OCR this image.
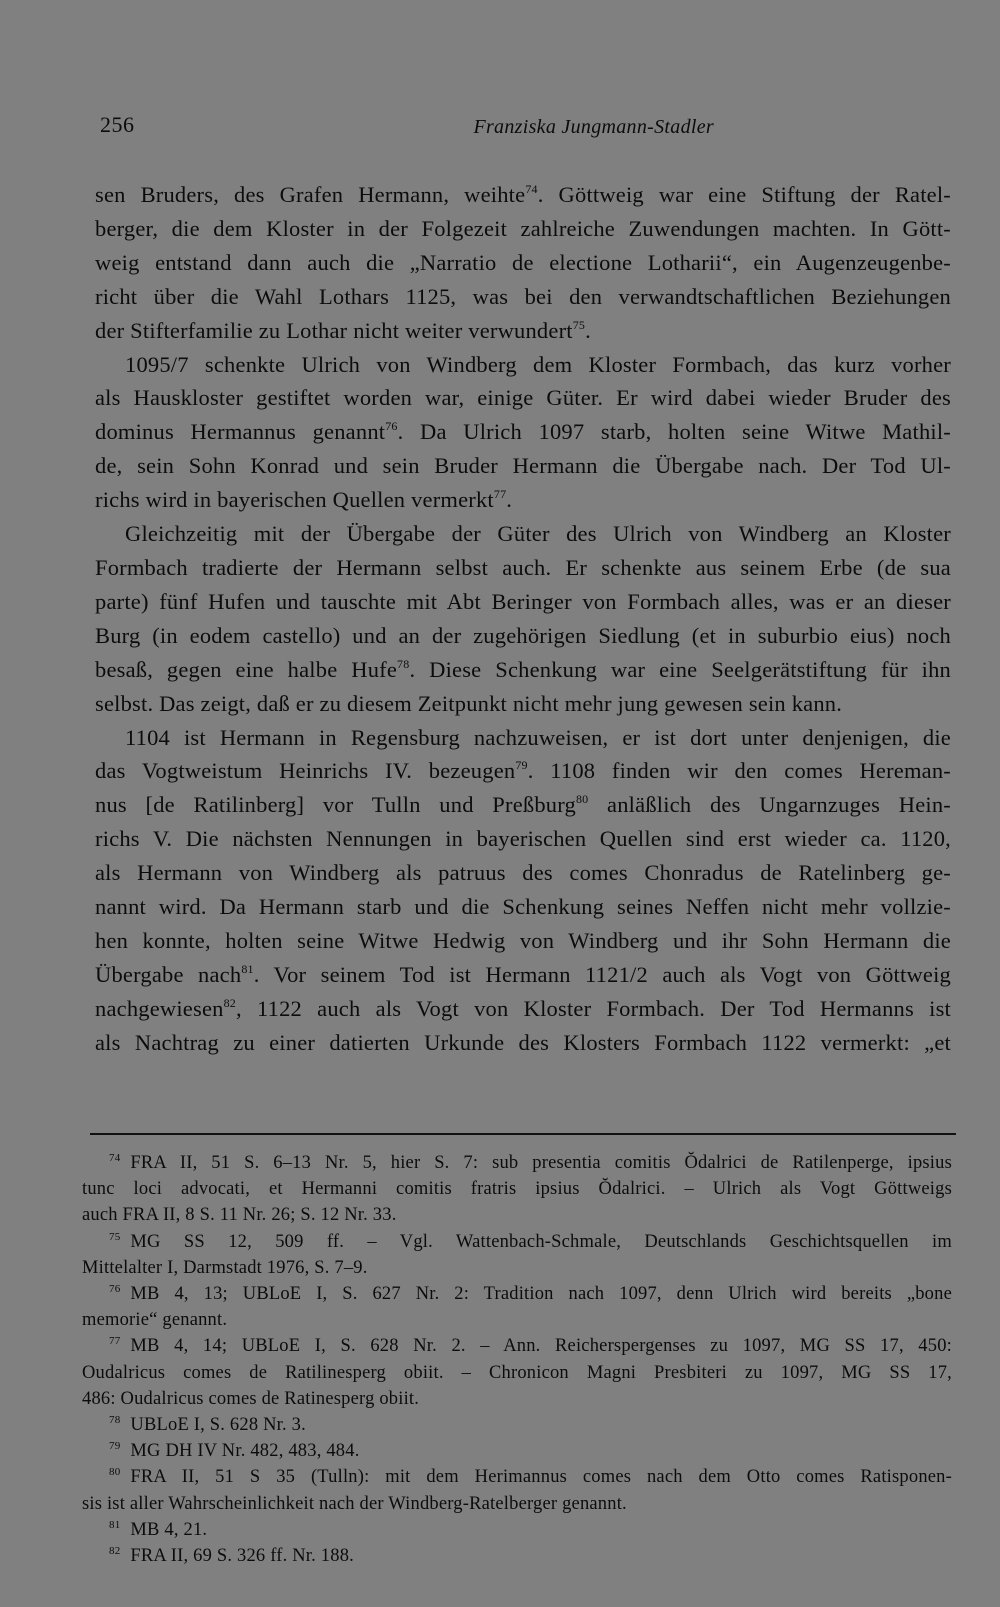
256	Franziska Jungmann-Stadler
sen Bruders, des Grafen Hermann, weihte$^{74}$. Göttweig war eine Stiftung der Ratel-
berger, die dem Kloster in der Folgezeit zahlreiche Zuwendungen machten. In Gött-
weig entstand dann auch die „Narratio de electione Lotharii“, ein Augenzeugenbe-
richt über die Wahl Lothars 1125, was bei den verwandtschaftlichen Beziehungen
der Stifterfamilie zu Lothar nicht weiter verwundert$^{75}$.
1095/7 schenkte Ulrich von Windberg dem Kloster Formbach, das kurz vorher
als Hauskloster gestiftet worden war, einige Güter. Er wird dabei wieder Bruder des
dominus Hermannus genannt$^{76}$. Da Ulrich 1097 starb, holten seine Witwe Mathil-
de, sein Sohn Konrad und sein Bruder Hermann die Übergabe nach. Der Tod Ul-
richs wird in bayerischen Quellen vermerkt$^{77}$.
Gleichzeitig mit der Übergabe der Güter des Ulrich von Windberg an Kloster
Formbach tradierte der Hermann selbst auch. Er schenkte aus seinem Erbe (de sua
parte) fünf Hufen und tauschte mit Abt Beringer von Formbach alles, was er an dieser
Burg (in eodem castello) und an der zugehörigen Siedlung (et in suburbio eius) noch
besaß, gegen eine halbe Hufe$^{78}$. Diese Schenkung war eine Seelgerätstiftung für ihn
selbst. Das zeigt, daß er zu diesem Zeitpunkt nicht mehr jung gewesen sein kann.
1104 ist Hermann in Regensburg nachzuweisen, er ist dort unter denjenigen, die
das Vogtweistum Heinrichs IV. bezeugen$^{79}$. 1108 finden wir den comes Hereman-
nus [de Ratilinberg] vor Tulln und Preßburg$^{80}$ anläßlich des Ungarnzuges Hein-
richs V. Die nächsten Nennungen in bayerischen Quellen sind erst wieder ca. 1120,
als Hermann von Windberg als patruus des comes Chonradus de Ratelinberg ge-
nannt wird. Da Hermann starb und die Schenkung seines Neffen nicht mehr vollzie-
hen konnte, holten seine Witwe Hedwig von Windberg und ihr Sohn Hermann die
Übergabe nach$^{81}$. Vor seinem Tod ist Hermann 1121/2 auch als Vogt von Göttweig
nachgewiesen$^{82}$, 1122 auch als Vogt von Kloster Formbach. Der Tod Hermanns ist
als Nachtrag zu einer datierten Urkunde des Klosters Formbach 1122 vermerkt: „et
$^{74}$ FRA II, 51 S. 6–13 Nr. 5, hier S. 7: sub presentia comitis Ŏdalrici de Ratilenperge, ipsius
tunc loci advocati, et Hermanni comitis fratris ipsius Ŏdalrici. – Ulrich als Vogt Göttweigs
auch FRA II, 8 S. 11 Nr. 26; S. 12 Nr. 33.
$^{75}$ MG SS 12, 509 ff. – Vgl. Wattenbach-Schmale, Deutschlands Geschichtsquellen im
Mittelalter I, Darmstadt 1976, S. 7–9.
$^{76}$ MB 4, 13; UBLoE I, S. 627 Nr. 2: Tradition nach 1097, denn Ulrich wird bereits „bone
memorie“ genannt.
$^{77}$ MB 4, 14; UBLoE I, S. 628 Nr. 2. – Ann. Reicherspergenses zu 1097, MG SS 17, 450:
Oudalricus comes de Ratilinesperg obiit. – Chronicon Magni Presbiteri zu 1097, MG SS 17,
486: Oudalricus comes de Ratinesperg obiit.
$^{78}$ UBLoE I, S. 628 Nr. 3.
$^{79}$ MG DH IV Nr. 482, 483, 484.
$^{80}$ FRA II, 51 S 35 (Tulln): mit dem Herimannus comes nach dem Otto comes Ratisponen-
sis ist aller Wahrscheinlichkeit nach der Windberg-Ratelberger genannt.
$^{81}$ MB 4, 21.
$^{82}$ FRA II, 69 S. 326 ff. Nr. 188.
